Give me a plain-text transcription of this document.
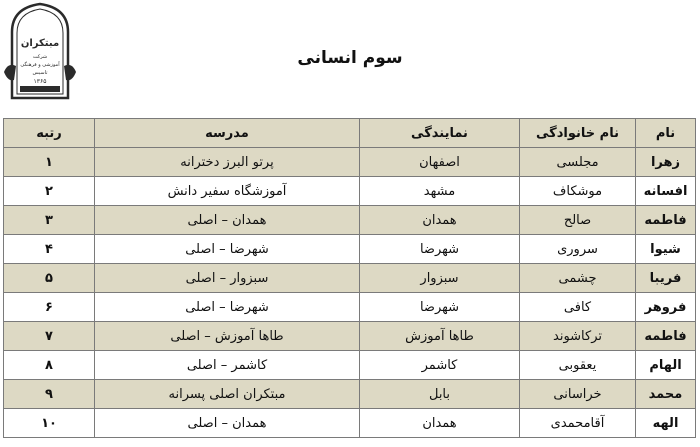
مبتکران
شرکت
آموزشی و فرهنگی
تاسیس
۱۳۶۵
سوم انسانی
نام	نام خانوادگی	نمایندگی	مدرسه	رتبه
زهرا	مجلسی	اصفهان	پرتو البرز دخترانه	۱
افسانه	موشکاف	مشهد	آموزشگاه سفیر دانش	۲
فاطمه	صالح	همدان	همدان – اصلی	۳
شیوا	سروری	شهرضا	شهرضا – اصلی	۴
فریبا	چشمی	سبزوار	سبزوار – اصلی	۵
فروهر	کافی	شهرضا	شهرضا – اصلی	۶
فاطمه	ترکاشوند	طاها آموزش	طاها آموزش – اصلی	۷
الهام	یعقوبی	کاشمر	کاشمر – اصلی	۸
محمد	خراسانی	بابل	مبتکران اصلی پسرانه	۹
الهه	آقامحمدی	همدان	همدان – اصلی	۱۰
